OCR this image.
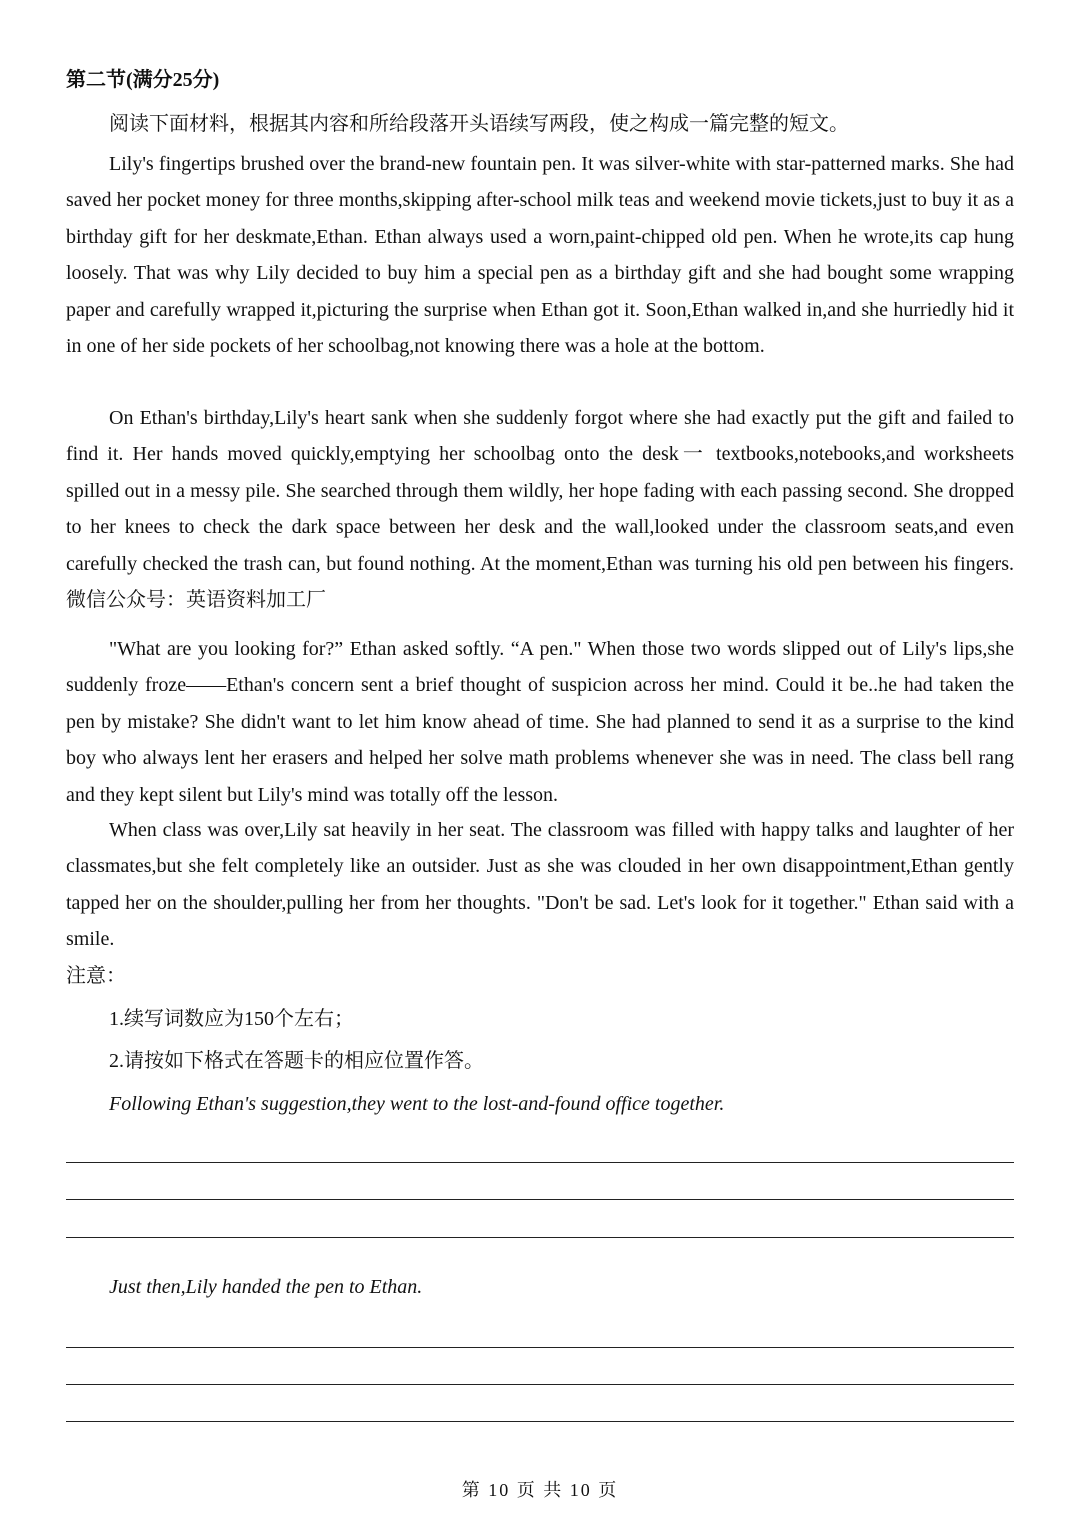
第二节(满分25分)
阅读下面材料，根据其内容和所给段落开头语续写两段，使之构成一篇完整的短文。

Lily's fingertips brushed over the brand-new fountain pen. It was silver-white with star-patterned marks. She had saved her pocket money for three months,skipping after-school milk teas and weekend movie tickets,just to buy it as a birthday gift for her deskmate,Ethan. Ethan always used a worn,paint-chipped old pen. When he wrote,its cap hung loosely. That was why Lily decided to buy him a special pen as a birthday gift and she had bought some wrapping paper and carefully wrapped it,picturing the surprise when Ethan got it. Soon,Ethan walked in,and she hurriedly hid it in one of her side pockets of her schoolbag,not knowing there was a hole at the bottom.

On Ethan's birthday,Lily's heart sank when she suddenly forgot where she had exactly put the gift and failed to find it. Her hands moved quickly,emptying her schoolbag onto the desk一 textbooks,notebooks,and worksheets spilled out in a messy pile. She searched through them wildly, her hope fading with each passing second. She dropped to her knees to check the dark space between her desk and the wall,looked under the classroom seats,and even carefully checked the trash can, but found nothing. At the moment,Ethan was turning his old pen between his fingers.微信公众号：英语资料加工厂

"What are you looking for?” Ethan asked softly. “A pen." When those two words slipped out of Lily's lips,she suddenly froze——Ethan's concern sent a brief thought of suspicion across her mind. Could it be..he had taken the pen by mistake? She didn't want to let him know ahead of time. She had planned to send it as a surprise to the kind boy who always lent her erasers and helped her solve math problems whenever she was in need. The class bell rang and they kept silent but Lily's mind was totally off the lesson.

When class was over,Lily sat heavily in her seat. The classroom was filled with happy talks and laughter of her classmates,but she felt completely like an outsider. Just as she was clouded in her own disappointment,Ethan gently tapped her on the shoulder,pulling her from her thoughts. "Don't be sad. Let's look for it together." Ethan said with a smile.

注意：
1.续写词数应为150个左右；
2.请按如下格式在答题卡的相应位置作答。
Following Ethan's suggestion,they went to the lost-and-found office together.
Just then,Lily handed the pen to Ethan.
第 10 页 共 10 页
